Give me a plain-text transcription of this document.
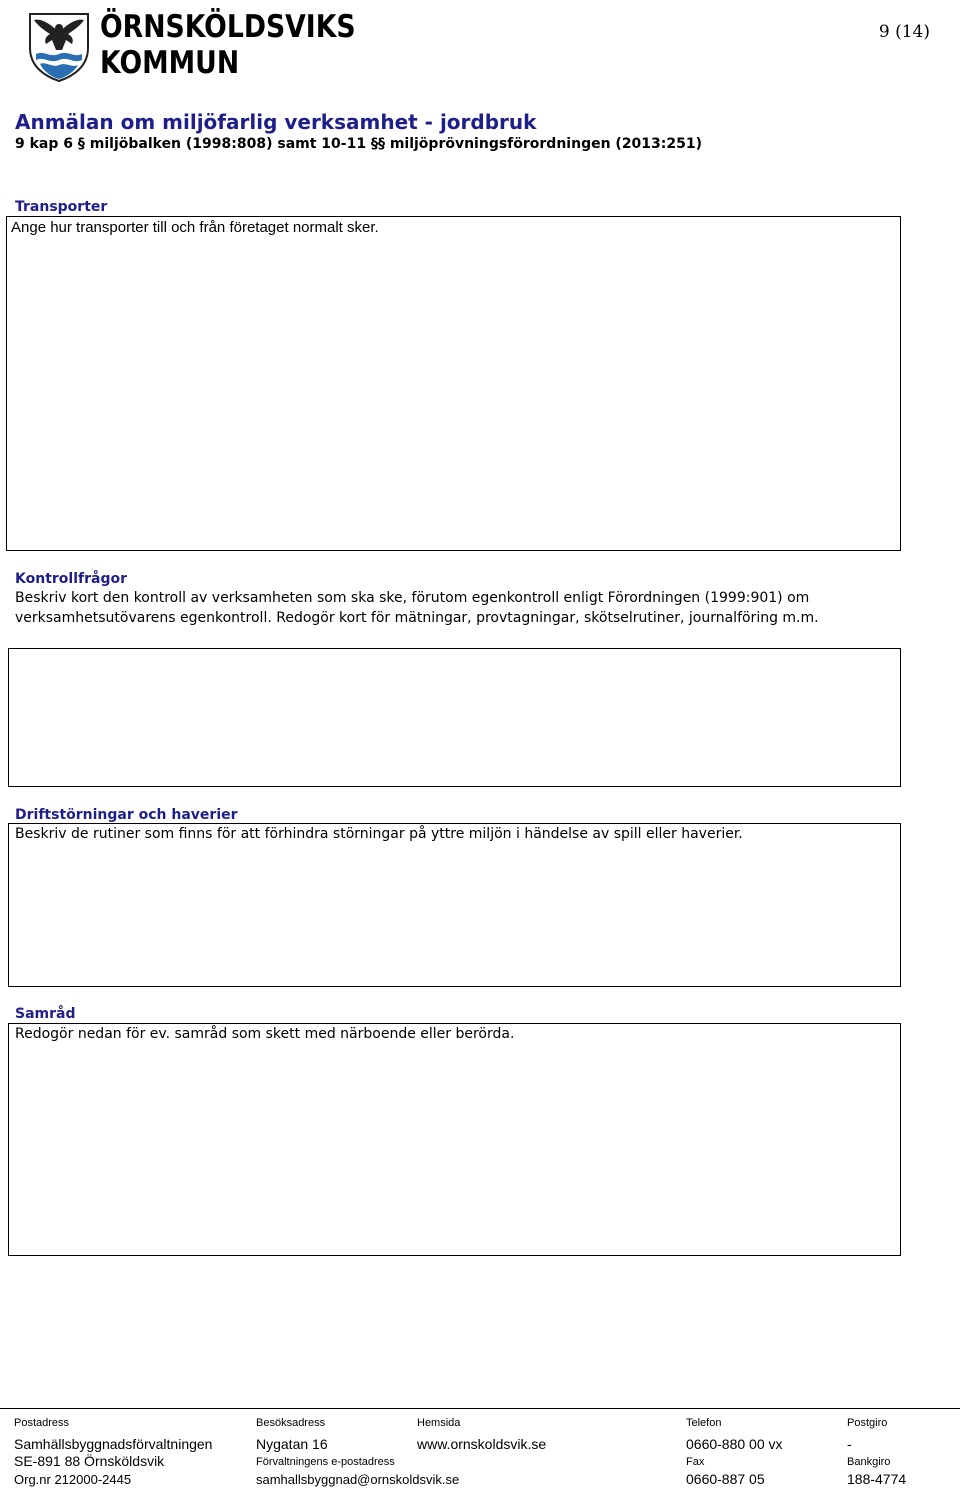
ÖRNSKÖLDSVIKS
KOMMUN
9 (14)
Anmälan om miljöfarlig verksamhet - jordbruk
9 kap 6 § miljöbalken (1998:808) samt 10-11 §§ miljöprövningsförordningen (2013:251)
Transporter
Ange hur transporter till och från företaget normalt sker.
Kontrollfrågor
Beskriv kort den kontroll av verksamheten som ska ske, förutom egenkontroll enligt Förordningen (1999:901) om verksamhetsutövarens egenkontroll. Redogör kort för mätningar, provtagningar, skötselrutiner, journalföring m.m.
Driftstörningar och haverier
Beskriv de rutiner som finns för att förhindra störningar på yttre miljön i händelse av spill eller haverier.
Samråd
Redogör nedan för ev. samråd som skett med närboende eller berörda.
Postadress
Samhällsbyggnadsförvaltningen
SE-891 88 Örnsköldsvik
Org.nr 212000-2445
Besöksadress
Nygatan 16
Förvaltningens e-postadress
samhallsbyggnad@ornskoldsvik.se
Hemsida
www.ornskoldsvik.se
Telefon
0660-880 00 vx
Fax
0660-887 05
Postgiro
-
Bankgiro
188-4774
